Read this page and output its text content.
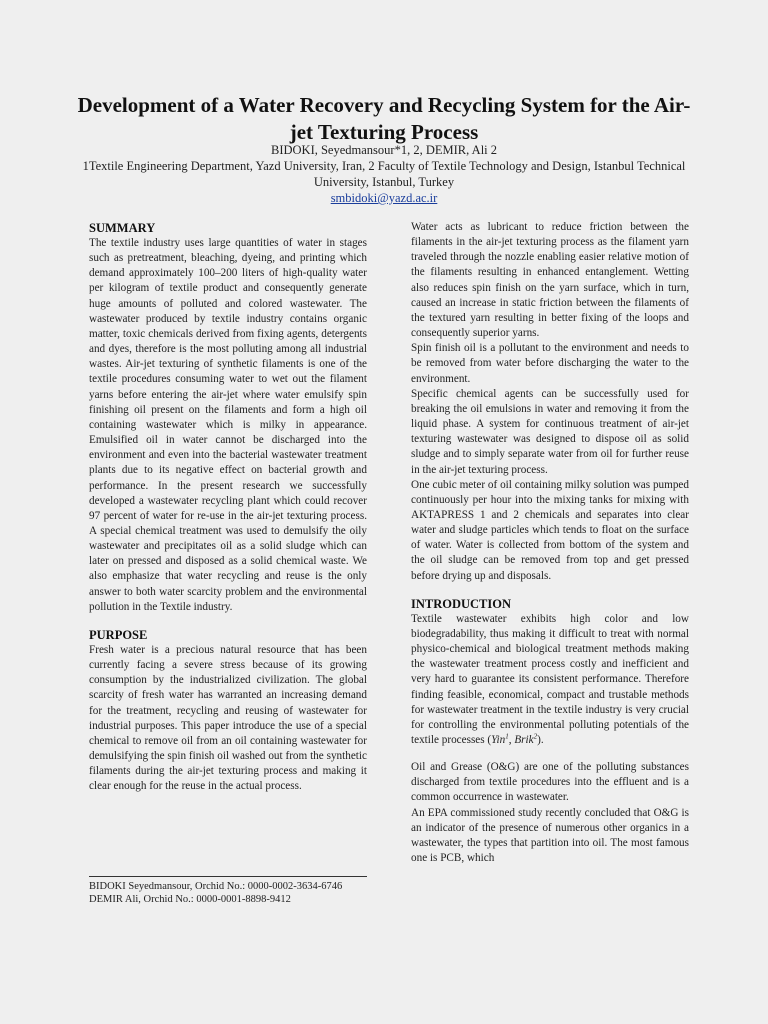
Development of a Water Recovery and Recycling System for the Air-jet Texturing Process
BIDOKI, Seyedmansour*1, 2, DEMIR, Ali 2
1Textile Engineering Department, Yazd University, Iran, 2 Faculty of Textile Technology and Design, Istanbul Technical University, Istanbul, Turkey
smbidoki@yazd.ac.ir
SUMMARY

The textile industry uses large quantities of water in stages such as pretreatment, bleaching, dyeing, and printing which demand approximately 100–200 liters of high-quality water per kilogram of textile product and consequently generate huge amounts of polluted and colored wastewater. The wastewater produced by textile industry contains organic matter, toxic chemicals derived from fixing agents, detergents and dyes, therefore is the most polluting among all industrial wastes. Air-jet texturing of synthetic filaments is one of the textile procedures consuming water to wet out the filament yarns before entering the air-jet where water emulsify spin finishing oil present on the filaments and form a high oil containing wastewater which is milky in appearance. Emulsified oil in water cannot be discharged into the environment and even into the bacterial wastewater treatment plants due to its negative effect on bacterial growth and performance. In the present research we successfully developed a wastewater recycling plant which could recover 97 percent of water for re-use in the air-jet texturing process. A special chemical treatment was used to demulsify the oily wastewater and precipitates oil as a solid sludge which can later on pressed and disposed as a solid chemical waste. We also emphasize that water recycling and reuse is the only answer to both water scarcity problem and the environmental pollution in the Textile industry.

PURPOSE

Fresh water is a precious natural resource that has been currently facing a severe stress because of its growing consumption by the industrialized civilization. The global scarcity of fresh water has warranted an increasing demand for the treatment, recycling and reusing of wastewater for industrial purposes. This paper introduce the use of a special chemical to remove oil from an oil containing wastewater for demulsifying the spin finish oil washed out from the synthetic filaments during the air-jet texturing process and making it clear enough for the reuse in the actual process.

BIDOKI Seyedmansour, Orchid No.: 0000-0002-3634-6746
DEMIR Ali, Orchid No.: 0000-0001-8898-9412

Water acts as lubricant to reduce friction between the filaments in the air-jet texturing process as the filament yarn traveled through the nozzle enabling easier relative motion of the filaments resulting in enhanced entanglement. Wetting also reduces spin finish on the yarn surface, which in turn, caused an increase in static friction between the filaments of the textured yarn resulting in better fixing of the loops and consequently superior yarns.

Spin finish oil is a pollutant to the environment and needs to be removed from water before discharging the water to the environment.

Specific chemical agents can be successfully used for breaking the oil emulsions in water and removing it from the liquid phase. A system for continuous treatment of air-jet texturing wastewater was designed to dispose oil as solid sludge and to simply separate water from oil for further reuse in the air-jet texturing process.

One cubic meter of oil containing milky solution was pumped continuously per hour into the mixing tanks for mixing with AKTAPRESS 1 and 2 chemicals and separates into clear water and sludge particles which tends to float on the surface of water. Water is collected from bottom of the system and the oil sludge can be removed from top and get pressed before drying up and disposals.

INTRODUCTION

Textile wastewater exhibits high color and low biodegradability, thus making it difficult to treat with normal physico-chemical and biological treatment methods making the wastewater treatment process costly and inefficient and very hard to guarantee its consistent performance. Therefore finding feasible, economical, compact and trustable methods for wastewater treatment in the textile industry is very crucial for controlling the environmental polluting potentials of the textile processes (Yin$^1$, Brik$^2$).

Oil and Grease (O&G) are one of the polluting substances discharged from textile procedures into the effluent and is a common occurrence in wastewater.

An EPA commissioned study recently concluded that O&G is an indicator of the presence of numerous other organics in a wastewater, the types that partition into oil. The most famous one is PCB, which
